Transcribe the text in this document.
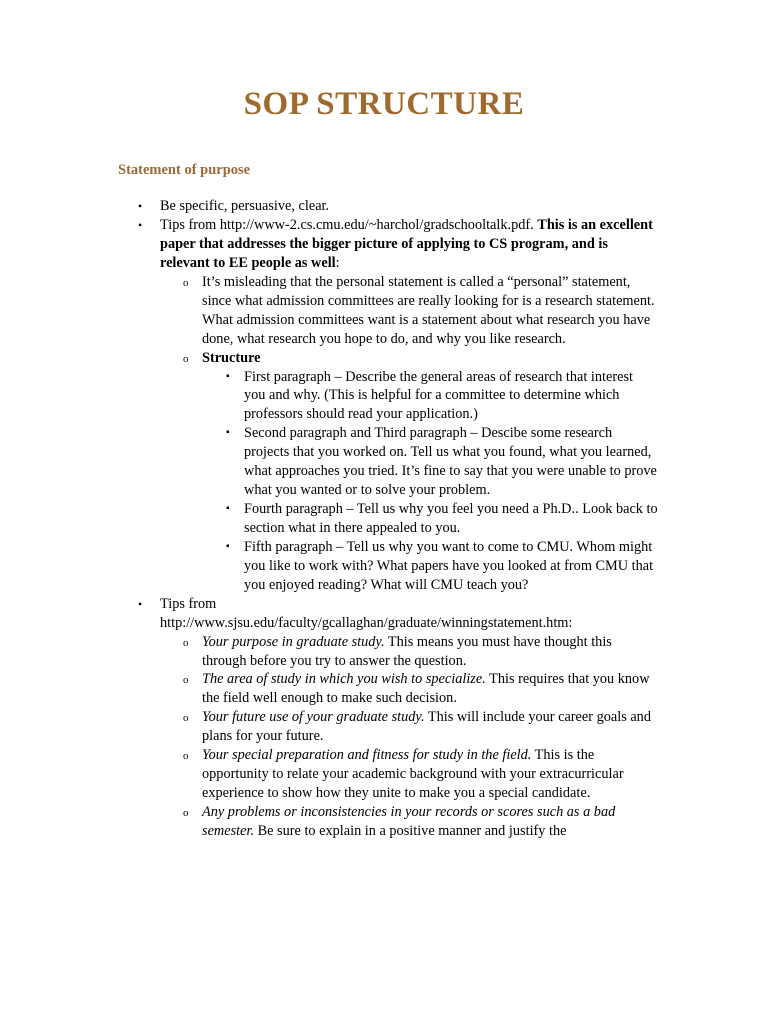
SOP STRUCTURE
Statement of purpose
• Be specific, persuasive, clear.
• Tips from http://www-2.cs.cmu.edu/~harchol/gradschooltalk.pdf. This is an excellent paper that addresses the bigger picture of applying to CS program, and is relevant to EE people as well:
o It’s misleading that the personal statement is called a “personal” statement, since what admission committees are really looking for is a research statement. What admission committees want is a statement about what research you have done, what research you hope to do, and why you like research.
o Structure
▪ First paragraph – Describe the general areas of research that interest you and why. (This is helpful for a committee to determine which professors should read your application.)
▪ Second paragraph and Third paragraph – Descibe some research projects that you worked on. Tell us what you found, what you learned, what approaches you tried. It’s fine to say that you were unable to prove what you wanted or to solve your problem.
▪ Fourth paragraph – Tell us why you feel you need a Ph.D.. Look back to section what in there appealed to you.
▪ Fifth paragraph – Tell us why you want to come to CMU. Whom might you like to work with? What papers have you looked at from CMU that you enjoyed reading? What will CMU teach you?
• Tips from
http://www.sjsu.edu/faculty/gcallaghan/graduate/winningstatement.htm:
o Your purpose in graduate study. This means you must have thought this through before you try to answer the question.
o The area of study in which you wish to specialize. This requires that you know the field well enough to make such decision.
o Your future use of your graduate study. This will include your career goals and plans for your future.
o Your special preparation and fitness for study in the field. This is the opportunity to relate your academic background with your extracurricular experience to show how they unite to make you a special candidate.
o Any problems or inconsistencies in your records or scores such as a bad semester. Be sure to explain in a positive manner and justify the
